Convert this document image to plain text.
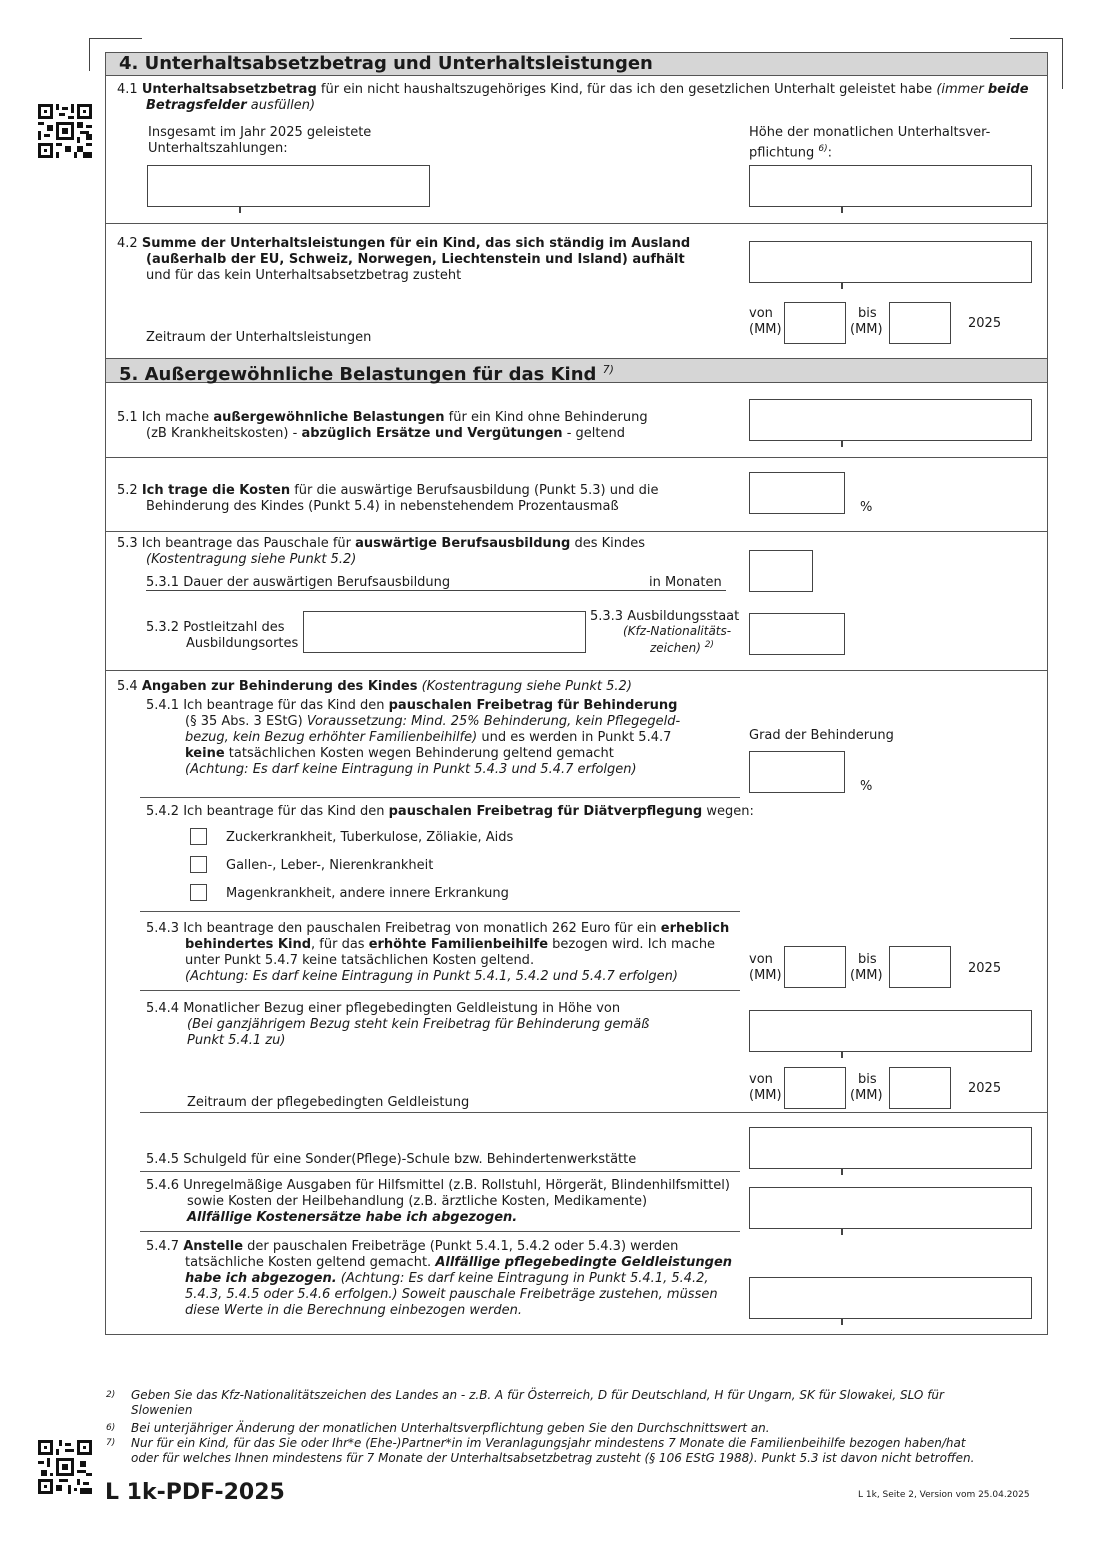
4. Unterhaltsabsetzbetrag und Unterhaltsleistungen
4.1 Unterhaltsabsetzbetrag für ein nicht haushaltszugehöriges Kind, für das ich den gesetzlichen Unterhalt geleistet habe (immer beide
Betragsfelder ausfüllen)
Insgesamt im Jahr 2025 geleistete
Unterhaltszahlungen:
Höhe der monatlichen Unterhaltsver-
pflichtung $^{6)}$:
4.2 Summe der Unterhaltsleistungen für ein Kind, das sich ständig im Ausland
(außerhalb der EU, Schweiz, Norwegen, Liechtenstein und Island) aufhält
und für das kein Unterhaltsabsetzbetrag zusteht
Zeitraum der Unterhaltsleistungen
von
(MM)
bis
(MM)	2025
5. Außergewöhnliche Belastungen für das Kind $^{7)}$
5.1 Ich mache außergewöhnliche Belastungen für ein Kind ohne Behinderung
(zB Krankheitskosten) - abzüglich Ersätze und Vergütungen - geltend
5.2 Ich trage die Kosten für die auswärtige Berufsausbildung (Punkt 5.3) und die
Behinderung des Kindes (Punkt 5.4) in nebenstehendem Prozentausmaß	%
5.3 Ich beantrage das Pauschale für auswärtige Berufsausbildung des Kindes
(Kostentragung siehe Punkt 5.2)
5.3.1 Dauer der auswärtigen Berufsausbildung	in Monaten
5.3.2 Postleitzahl des
Ausbildungsortes
5.3.3 Ausbildungsstaat
(Kfz-Nationalitäts-
zeichen) $^{2)}$
5.4 Angaben zur Behinderung des Kindes (Kostentragung siehe Punkt 5.2)
5.4.1 Ich beantrage für das Kind den pauschalen Freibetrag für Behinderung
(§ 35 Abs. 3 EStG) Voraussetzung: Mind. 25% Behinderung, kein Pflegegeld-
bezug, kein Bezug erhöhter Familienbeihilfe) und es werden in Punkt 5.4.7
keine tatsächlichen Kosten wegen Behinderung geltend gemacht
(Achtung: Es darf keine Eintragung in Punkt 5.4.3 und 5.4.7 erfolgen)
Grad der Behinderung
%
5.4.2 Ich beantrage für das Kind den pauschalen Freibetrag für Diätverpflegung wegen:
Zuckerkrankheit, Tuberkulose, Zöliakie, Aids
Gallen-, Leber-, Nierenkrankheit
Magenkrankheit, andere innere Erkrankung
5.4.3 Ich beantrage den pauschalen Freibetrag von monatlich 262 Euro für ein erheblich
behindertes Kind, für das erhöhte Familienbeihilfe bezogen wird. Ich mache
unter Punkt 5.4.7 keine tatsächlichen Kosten geltend.
(Achtung: Es darf keine Eintragung in Punkt 5.4.1, 5.4.2 und 5.4.7 erfolgen)
von
(MM)
bis
(MM)	2025
5.4.4 Monatlicher Bezug einer pflegebedingten Geldleistung in Höhe von
(Bei ganzjährigem Bezug steht kein Freibetrag für Behinderung gemäß
Punkt 5.4.1 zu)
Zeitraum der pflegebedingten Geldleistung
von
(MM)
bis
(MM)	2025
5.4.5 Schulgeld für eine Sonder(Pflege)-Schule bzw. Behindertenwerkstätte
5.4.6 Unregelmäßige Ausgaben für Hilfsmittel (z.B. Rollstuhl, Hörgerät, Blindenhilfsmittel)
sowie Kosten der Heilbehandlung (z.B. ärztliche Kosten, Medikamente)
Allfällige Kostenersätze habe ich abgezogen.
5.4.7 Anstelle der pauschalen Freibeträge (Punkt 5.4.1, 5.4.2 oder 5.4.3) werden
tatsächliche Kosten geltend gemacht. Allfällige pflegebedingte Geldleistungen
habe ich abgezogen. (Achtung: Es darf keine Eintragung in Punkt 5.4.1, 5.4.2,
5.4.3, 5.4.5 oder 5.4.6 erfolgen.) Soweit pauschale Freibeträge zustehen, müssen
diese Werte in die Berechnung einbezogen werden.
2) Geben Sie das Kfz-Nationalitätszeichen des Landes an - z.B. A für Österreich, D für Deutschland, H für Ungarn, SK für Slowakei, SLO für
Slowenien
6) Bei unterjähriger Änderung der monatlichen Unterhaltsverpflichtung geben Sie den Durchschnittswert an.
7) Nur für ein Kind, für das Sie oder Ihr*e (Ehe-)Partner*in im Veranlagungsjahr mindestens 7 Monate die Familienbeihilfe bezogen haben/hat
oder für welches Ihnen mindestens für 7 Monate der Unterhaltsabsetzbetrag zusteht (§ 106 EStG 1988). Punkt 5.3 ist davon nicht betroffen.
L 1k-PDF-2025	L 1k, Seite 2, Version vom 25.04.2025
